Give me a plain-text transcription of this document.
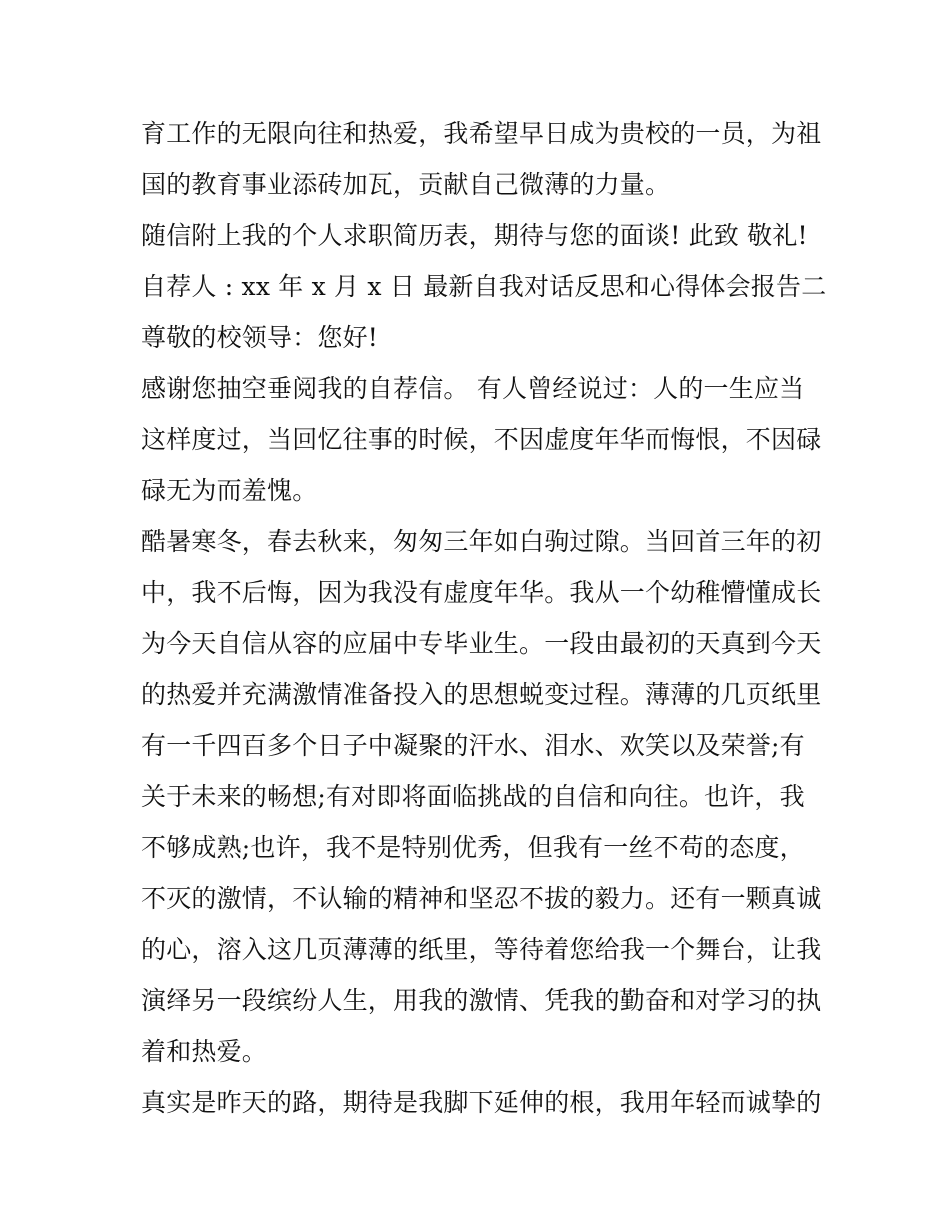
育工作的无限向往和热爱，我希望早日成为贵校的一员，为祖
国的教育事业添砖加瓦，贡献自己微薄的力量。
随信附上我的个人求职简历表，期待与您的面谈! 此致 敬礼!
自荐人 : xx 年 x 月 x 日 最新自我对话反思和心得体会报告二
尊敬的校领导：您好!
感谢您抽空垂阅我的自荐信。 有人曾经说过：人的一生应当
这样度过，当回忆往事的时候，不因虚度年华而悔恨，不因碌
碌无为而羞愧。
酷暑寒冬，春去秋来，匆匆三年如白驹过隙。当回首三年的初
中，我不后悔，因为我没有虚度年华。我从一个幼稚懵懂成长
为今天自信从容的应届中专毕业生。一段由最初的天真到今天
的热爱并充满激情准备投入的思想蜕变过程。薄薄的几页纸里
有一千四百多个日子中凝聚的汗水、泪水、欢笑以及荣誉;有
关于未来的畅想;有对即将面临挑战的自信和向往。也许，我
不够成熟;也许，我不是特别优秀，但我有一丝不苟的态度，
不灭的激情，不认输的精神和坚忍不拔的毅力。还有一颗真诚
的心，溶入这几页薄薄的纸里，等待着您给我一个舞台，让我
演绎另一段缤纷人生，用我的激情、凭我的勤奋和对学习的执
着和热爱。
真实是昨天的路，期待是我脚下延伸的根，我用年轻而诚挚的
